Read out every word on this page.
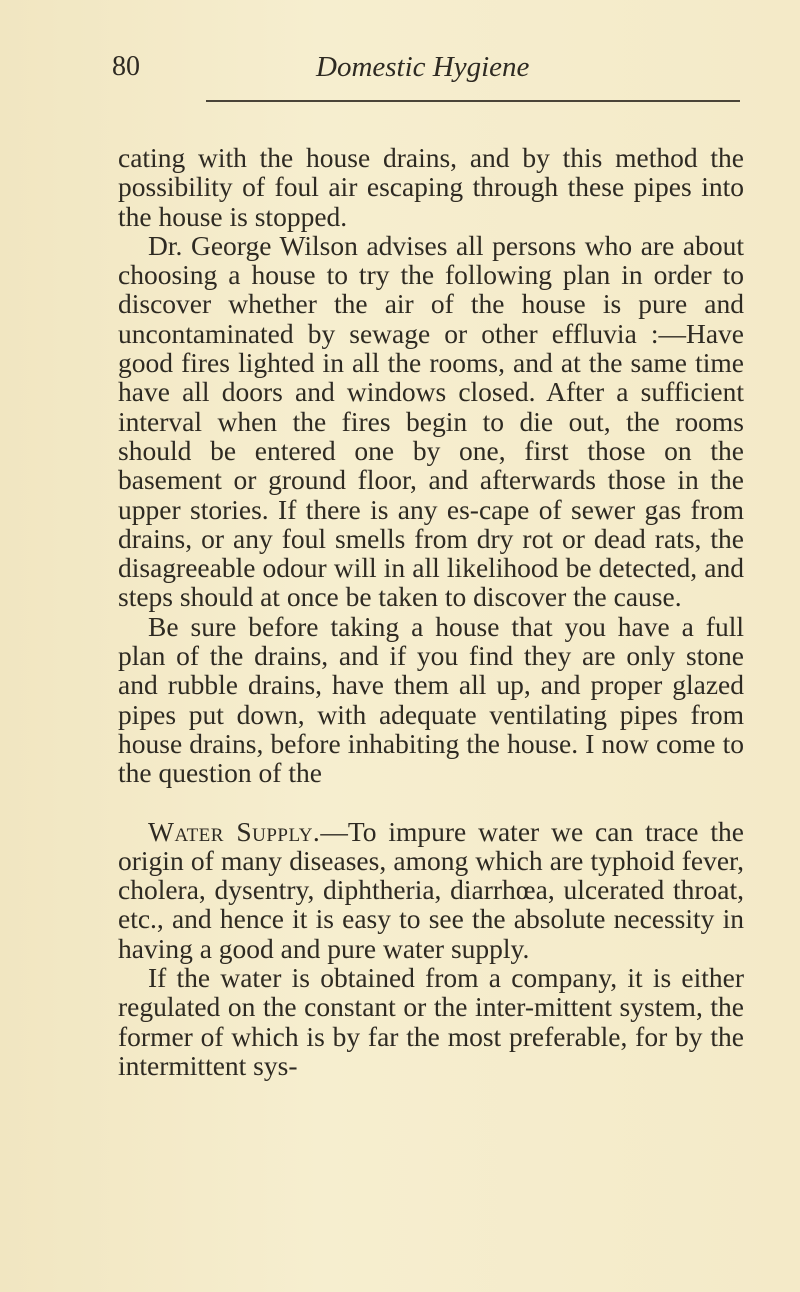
80	Domestic Hygiene

cating with the house drains, and by this method the possibility of foul air escaping through these pipes into the house is stopped.

Dr. George Wilson advises all persons who are about choosing a house to try the following plan in order to discover whether the air of the house is pure and uncontaminated by sewage or other effluvia :—Have good fires lighted in all the rooms, and at the same time have all doors and windows closed. After a sufficient interval when the fires begin to die out, the rooms should be entered one by one, first those on the basement or ground floor, and afterwards those in the upper stories. If there is any es-cape of sewer gas from drains, or any foul smells from dry rot or dead rats, the disagreeable odour will in all likelihood be detected, and steps should at once be taken to discover the cause.

Be sure before taking a house that you have a full plan of the drains, and if you find they are only stone and rubble drains, have them all up, and proper glazed pipes put down, with adequate ventilating pipes from house drains, before inhabiting the house. I now come to the question of the

Water Supply.—To impure water we can trace the origin of many diseases, among which are typhoid fever, cholera, dysentry, diphtheria, diarrhœa, ulcerated throat, etc., and hence it is easy to see the absolute necessity in having a good and pure water supply.

If the water is obtained from a company, it is either regulated on the constant or the inter-mittent system, the former of which is by far the most preferable, for by the intermittent sys-
